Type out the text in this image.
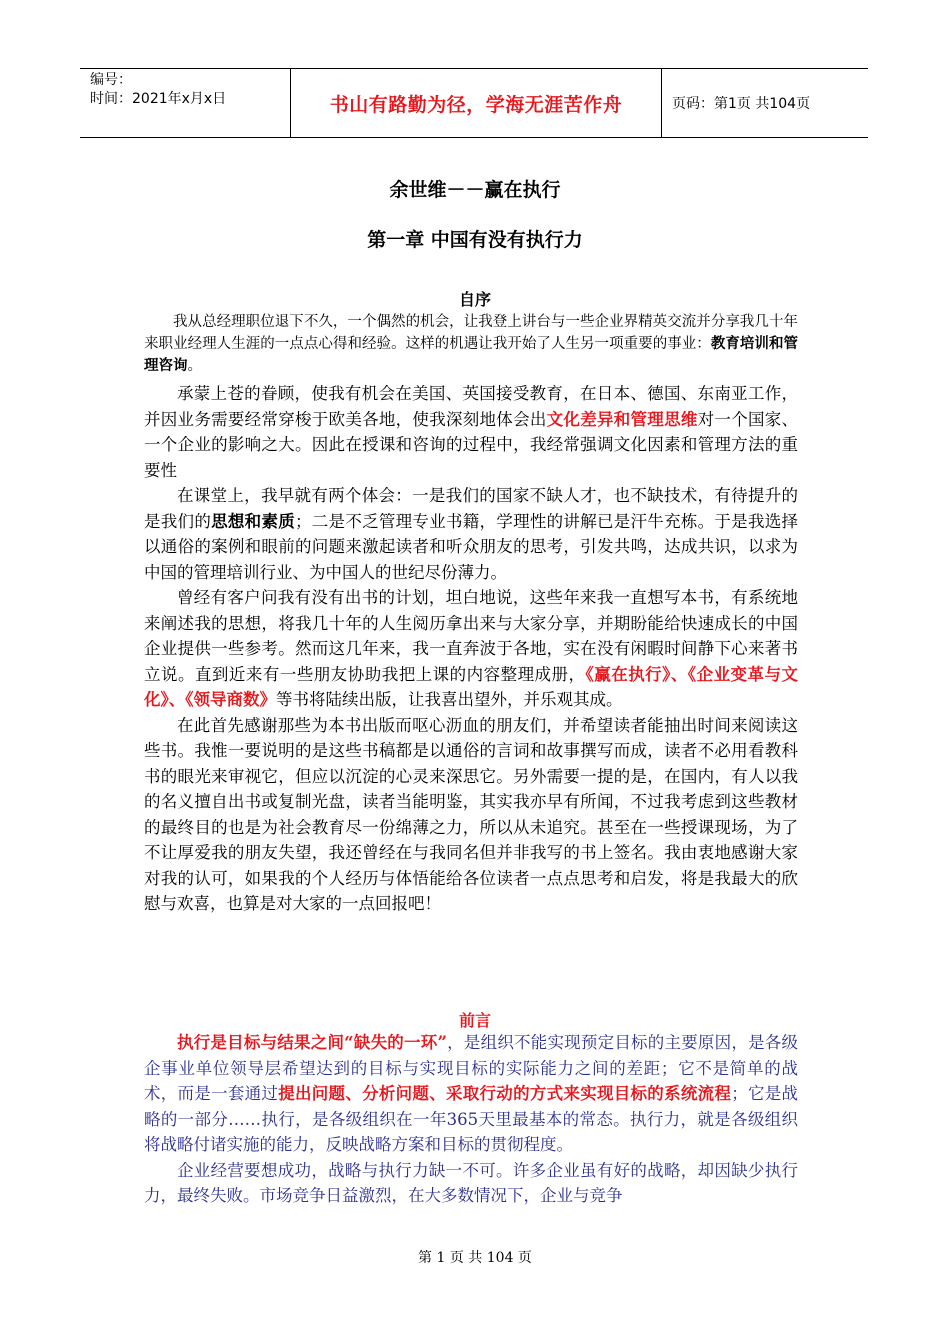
编号：
时间：2021年x月x日	书山有路勤为径，学海无涯苦作舟	页码：第1页 共104页
余世维－－赢在执行
第一章 中国有没有执行力
自序

我从总经理职位退下不久，一个偶然的机会，让我登上讲台与一些企业界精英交流并分享我几十年来职业经理人生涯的一点点心得和经验。这样的机遇让我开始了人生另一项重要的事业：教育培训和管理咨询。

承蒙上苍的眷顾，使我有机会在美国、英国接受教育，在日本、德国、东南亚工作，并因业务需要经常穿梭于欧美各地，使我深刻地体会出文化差异和管理思维对一个国家、一个企业的影响之大。因此在授课和咨询的过程中，我经常强调文化因素和管理方法的重要性

在课堂上，我早就有两个体会：一是我们的国家不缺人才，也不缺技术，有待提升的是我们的思想和素质；二是不乏管理专业书籍，学理性的讲解已是汗牛充栋。于是我选择以通俗的案例和眼前的问题来激起读者和听众朋友的思考，引发共鸣，达成共识，以求为中国的管理培训行业、为中国人的世纪尽份薄力。

曾经有客户问我有没有出书的计划，坦白地说，这些年来我一直想写本书，有系统地来阐述我的思想，将我几十年的人生阅历拿出来与大家分享，并期盼能给快速成长的中国企业提供一些参考。然而这几年来，我一直奔波于各地，实在没有闲暇时间静下心来著书立说。直到近来有一些朋友协助我把上课的内容整理成册，《赢在执行》、《企业变革与文化》、《领导商数》等书将陆续出版，让我喜出望外，并乐观其成。

在此首先感谢那些为本书出版而呕心沥血的朋友们，并希望读者能抽出时间来阅读这些书。我惟一要说明的是这些书稿都是以通俗的言词和故事撰写而成，读者不必用看教科书的眼光来审视它，但应以沉淀的心灵来深思它。另外需要一提的是，在国内，有人以我的名义擅自出书或复制光盘，读者当能明鉴，其实我亦早有所闻，不过我考虑到这些教材的最终目的也是为社会教育尽一份绵薄之力，所以从未追究。甚至在一些授课现场，为了不让厚爱我的朋友失望，我还曾经在与我同名但并非我写的书上签名。我由衷地感谢大家对我的认可，如果我的个人经历与体悟能给各位读者一点点思考和启发，将是我最大的欣慰与欢喜，也算是对大家的一点回报吧！

前言

执行是目标与结果之间“缺失的一环”，是组织不能实现预定目标的主要原因，是各级企事业单位领导层希望达到的目标与实现目标的实际能力之间的差距；它不是简单的战术，而是一套通过提出问题、分析问题、采取行动的方式来实现目标的系统流程；它是战略的一部分……执行，是各级组织在一年365天里最基本的常态。执行力，就是各级组织将战略付诸实施的能力，反映战略方案和目标的贯彻程度。

企业经营要想成功，战略与执行力缺一不可。许多企业虽有好的战略，却因缺少执行力，最终失败。市场竞争日益激烈，在大多数情况下，企业与竞争

第 1 页 共 104 页
